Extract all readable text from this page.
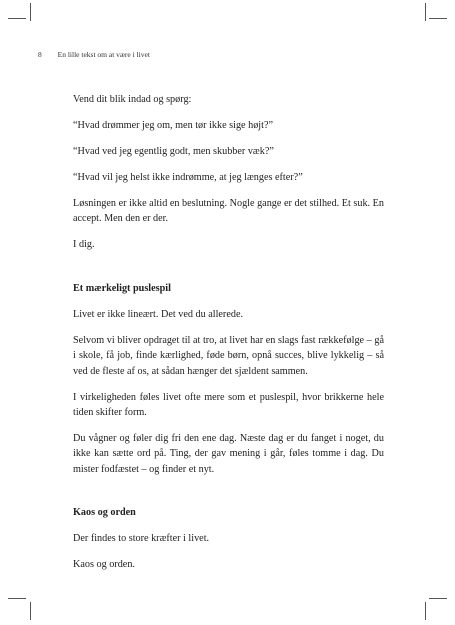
8 En lille tekst om at være i livet

Vend dit blik indad og spørg:

“Hvad drømmer jeg om, men tør ikke sige højt?”

“Hvad ved jeg egentlig godt, men skubber væk?”

“Hvad vil jeg helst ikke indrømme, at jeg længes efter?”

Løsningen er ikke altid en beslutning. Nogle gange er det stilhed. Et suk. En accept. Men den er der.

I dig.

Et mærkeligt puslespil

Livet er ikke lineært. Det ved du allerede.

Selvom vi bliver opdraget til at tro, at livet har en slags fast rækkefølge – gå i skole, få job, finde kærlighed, føde børn, opnå succes, blive lykkelig – så ved de fleste af os, at sådan hænger det sjældent sammen.

I virkeligheden føles livet ofte mere som et puslespil, hvor brikkerne hele tiden skifter form.

Du vågner og føler dig fri den ene dag. Næste dag er du fanget i noget, du ikke kan sætte ord på. Ting, der gav mening i går, føles tomme i dag. Du mister fodfæstet – og finder et nyt.

Kaos og orden

Der findes to store kræfter i livet.

Kaos og orden.
